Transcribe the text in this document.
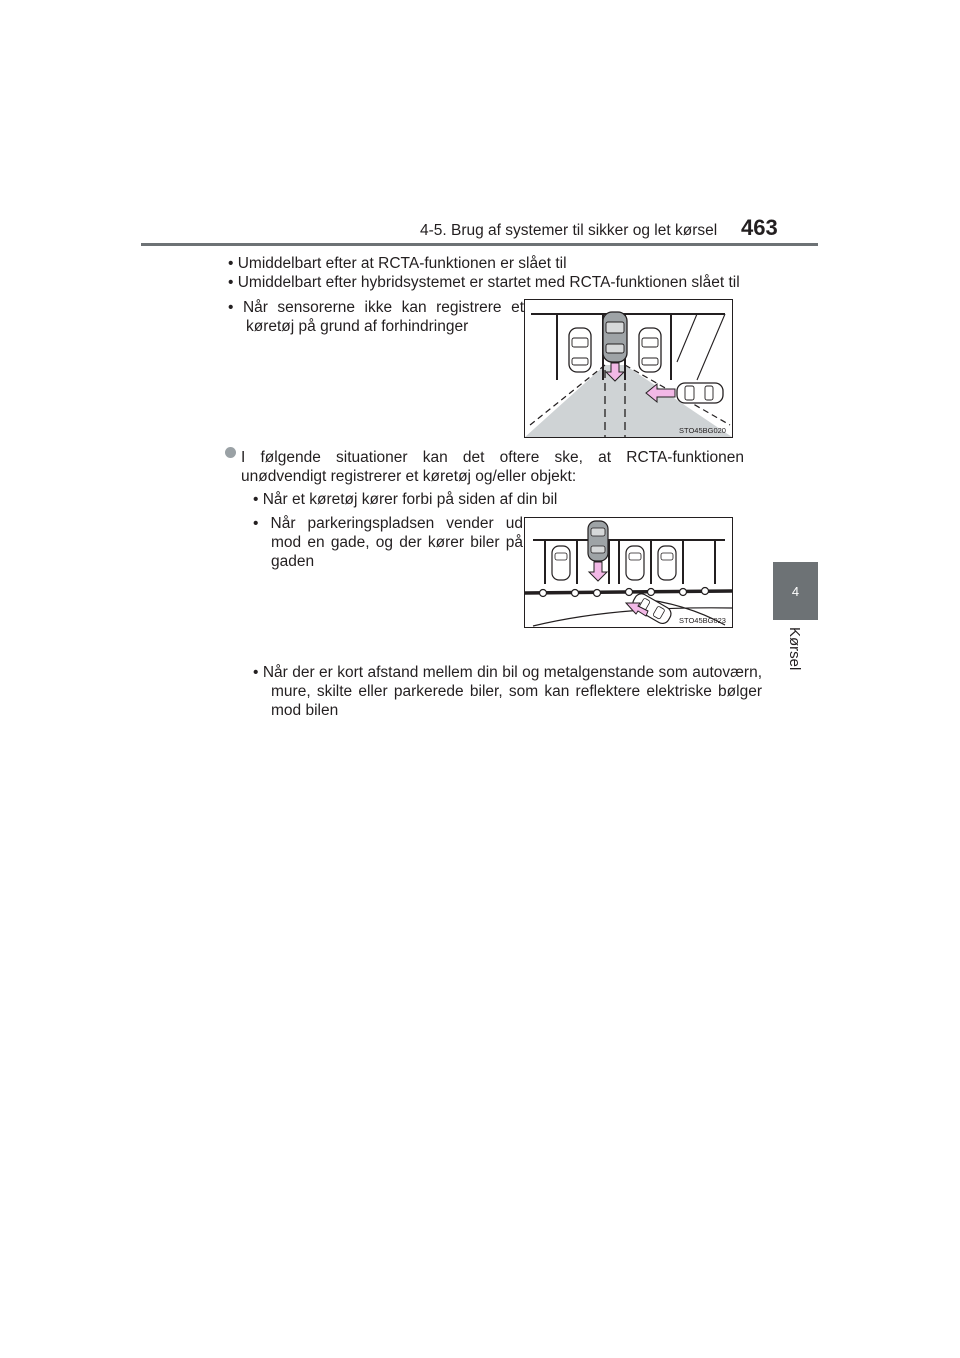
4-5. Brug af systemer til sikker og let kørsel 463
4
Kørsel
• Umiddelbart efter at RCTA-funktionen er slået til
• Umiddelbart efter hybridsystemet er startet med RCTA-funktionen slået til
• Når sensorerne ikke kan registrere et køretøj på grund af forhindringer
STO45BG020
I følgende situationer kan det oftere ske, at RCTA-funktionen unødvendigt registrerer et køretøj og/eller objekt:
• Når et køretøj kører forbi på siden af din bil
• Når parkeringspladsen vender ud mod en gade, og der kører biler på gaden
STO45BG023
• Når der er kort afstand mellem din bil og metalgenstande som autoværn, mure, skilte eller parkerede biler, som kan reflektere elektriske bølger mod bilen
